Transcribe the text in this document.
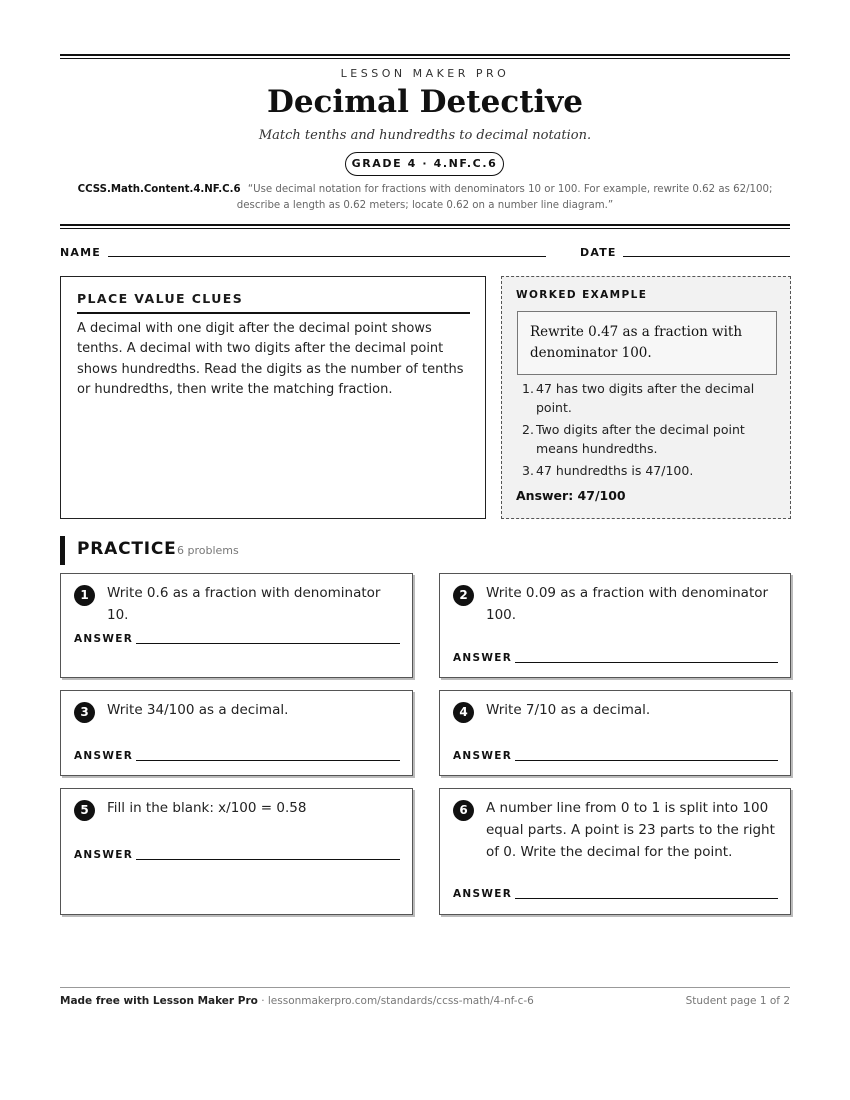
LESSON MAKER PRO
Decimal Detective
Match tenths and hundredths to decimal notation.
GRADE 4 · 4.NF.C.6
CCSS.Math.Content.4.NF.C.6 “Use decimal notation for fractions with denominators 10 or 100. For example, rewrite 0.62 as 62/100; describe a length as 0.62 meters; locate 0.62 on a number line diagram.”
NAME	DATE
PLACE VALUE CLUES

A decimal with one digit after the decimal point shows tenths. A decimal with two digits after the decimal point shows hundredths. Read the digits as the number of tenths or hundredths, then write the matching fraction.

WORKED EXAMPLE
Rewrite 0.47 as a fraction with denominator 100.
1. 47 has two digits after the decimal point.
2. Two digits after the decimal point means hundredths.
3. 47 hundredths is 47/100.
Answer: 47/100
PRACTICE 6 problems
1	Write 0.6 as a fraction with denominator 10.
ANSWER
2	Write 0.09 as a fraction with denominator 100.
ANSWER
3	Write 34/100 as a decimal.
ANSWER
4	Write 7/10 as a decimal.
ANSWER
5	Fill in the blank: x/100 = 0.58
ANSWER
6	A number line from 0 to 1 is split into 100 equal parts. A point is 23 parts to the right of 0. Write the decimal for the point.
ANSWER
Made free with Lesson Maker Pro · lessonmakerpro.com/standards/ccss-math/4-nf-c-6	Student page 1 of 2
